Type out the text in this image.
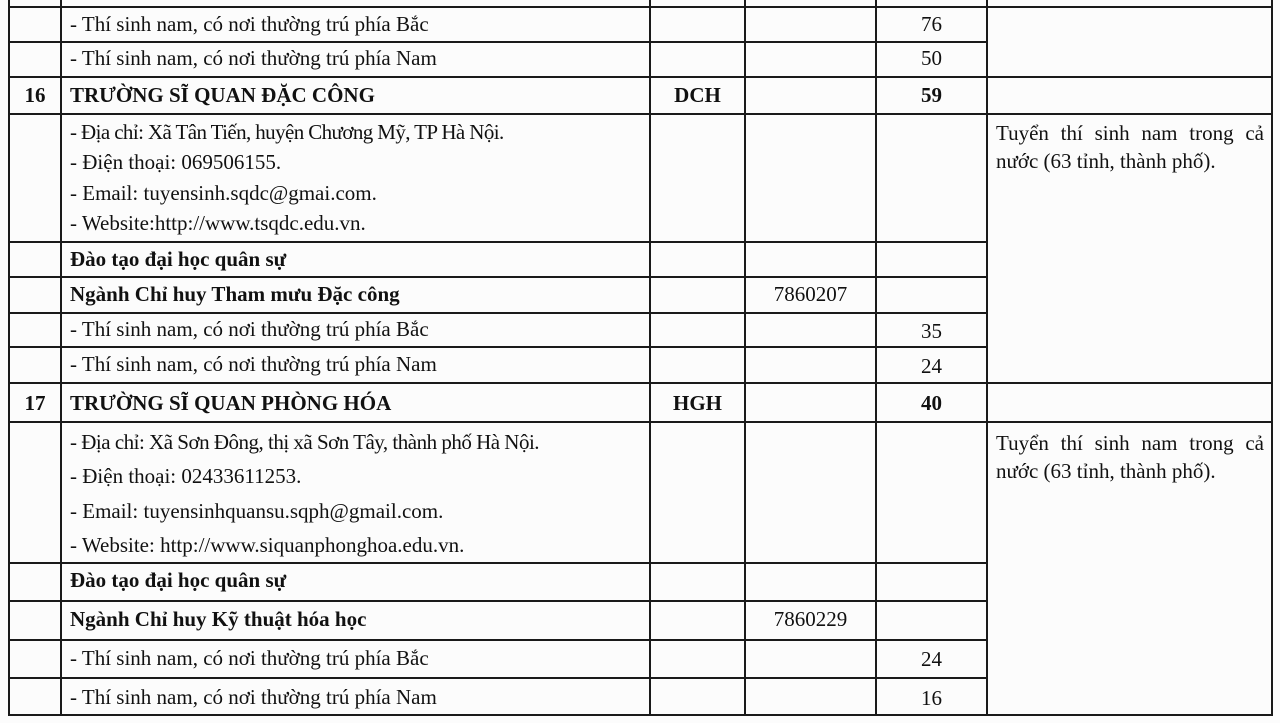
- Thí sinh nam, có nơi thường trú phía Bắc	76
- Thí sinh nam, có nơi thường trú phía Nam	50
16	TRƯỜNG SĨ QUAN ĐẶC CÔNG	DCH	59
- Địa chỉ: Xã Tân Tiến, huyện Chương Mỹ, TP Hà Nội.
- Điện thoại: 069506155.
- Email: tuyensinh.sqdc@gmai.com.
- Website:http://www.tsqdc.edu.vn.
Tuyển thí sinh nam trong cả nước (63 tỉnh, thành phố).
Đào tạo đại học quân sự
Ngành Chỉ huy Tham mưu Đặc công	7860207
- Thí sinh nam, có nơi thường trú phía Bắc	35
- Thí sinh nam, có nơi thường trú phía Nam	24
17	TRƯỜNG SĨ QUAN PHÒNG HÓA	HGH	40
- Địa chỉ: Xã Sơn Đông, thị xã Sơn Tây, thành phố Hà Nội.
- Điện thoại: 02433611253.
- Email: tuyensinhquansu.sqph@gmail.com.
- Website: http://www.siquanphonghoa.edu.vn.
Tuyển thí sinh nam trong cả nước (63 tỉnh, thành phố).
Đào tạo đại học quân sự
Ngành Chỉ huy Kỹ thuật hóa học	7860229
- Thí sinh nam, có nơi thường trú phía Bắc	24
- Thí sinh nam, có nơi thường trú phía Nam	16
